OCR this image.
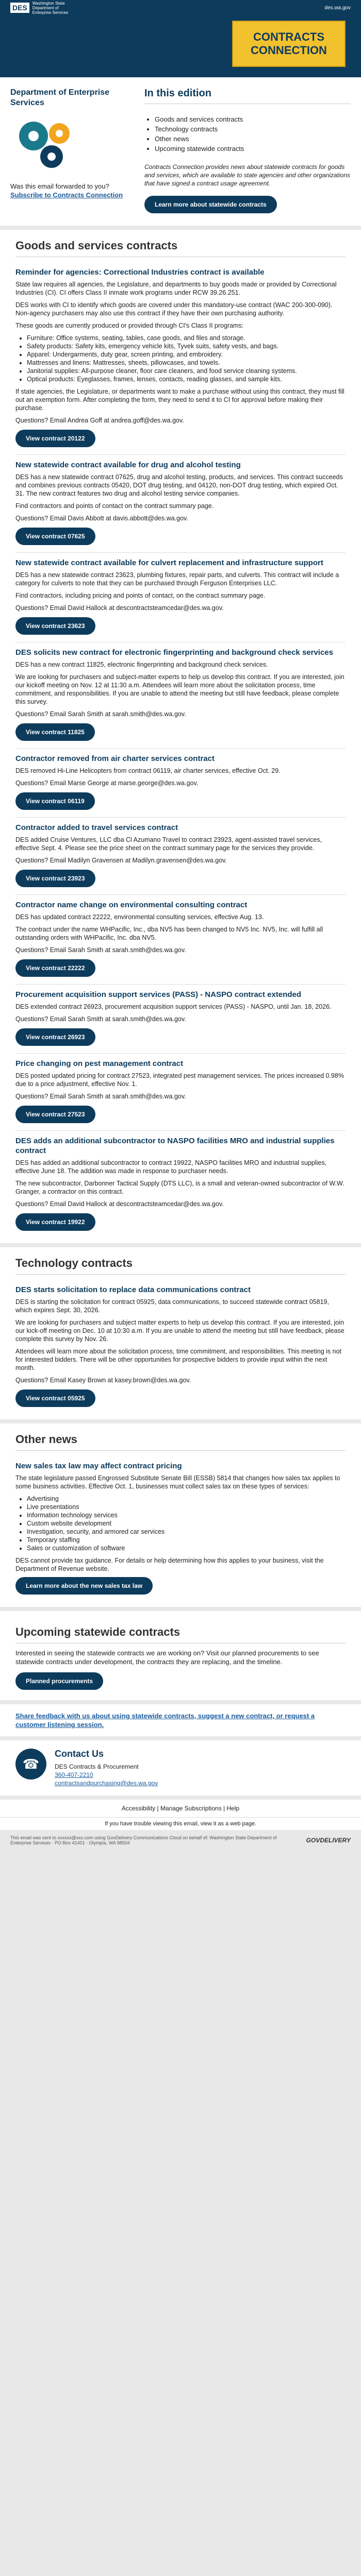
DES
Washington State
Department of
Enterprise Services
des.wa.gov
CONTRACTS
CONNECTION
Department of Enterprise Services

Was this email forwarded to you?

Subscribe to Contracts Connection

In this edition
• Goods and services contracts
• Technology contracts
• Other news
• Upcoming statewide contracts

Contracts Connection provides news about statewide contracts for goods and services, which are available to state agencies and other organizations that have signed a contract usage agreement.

Learn more about statewide contracts
Goods and services contracts
Reminder for agencies: Correctional Industries contract is available

State law requires all agencies, the Legislature, and departments to buy goods made or provided by Correctional Industries (CI). CI offers Class II inmate work programs under RCW 39.26.251.

DES works with CI to identify which goods are covered under this mandatory-use contract (WAC 200-300-090). Non-agency purchasers may also use this contract if they have their own purchasing authority.

These goods are currently produced or provided through CI's Class II programs:

• Furniture: Office systems, seating, tables, case goods, and files and storage.
• Safety products: Safety kits, emergency vehicle kits, Tyvek suits, safety vests, and bags.
• Apparel: Undergarments, duty gear, screen printing, and embroidery.
• Mattresses and linens: Mattresses, sheets, pillowcases, and towels.
• Janitorial supplies: All-purpose cleaner, floor care cleaners, and food service cleaning systems.
• Optical products: Eyeglasses, frames, lenses, contacts, reading glasses, and sample kits.

If state agencies, the Legislature, or departments want to make a purchase without using this contract, they must fill out an exemption form. After completing the form, they need to send it to CI for approval before making their purchase.

Questions? Email Andrea Goff at andrea.goff@des.wa.gov.

View contract 20122
New statewide contract available for drug and alcohol testing

DES has a new statewide contract 07625, drug and alcohol testing, products, and services. This contract succeeds and combines previous contracts 05420, DOT drug testing, and 04120, non-DOT drug testing, which expired Oct. 31. The new contract features two drug and alcohol testing service companies.

Find contractors and points of contact on the contract summary page.

Questions? Email Davis Abbott at davis.abbott@des.wa.gov.

View contract 07625
New statewide contract available for culvert replacement and infrastructure support

DES has a new statewide contract 23623, plumbing fixtures, repair parts, and culverts. This contract will include a category for culverts to note that they can be purchased through Ferguson Enterprises LLC.

Find contractors, including pricing and points of contact, on the contract summary page.

Questions? Email David Hallock at descontractsteamcedar@des.wa.gov.

View contract 23623
DES solicits new contract for electronic fingerprinting and background check services

DES has a new contract 11825, electronic fingerprinting and background check services.

We are looking for purchasers and subject-matter experts to help us develop this contract. If you are interested, join our kickoff meeting on Nov. 12 at 11:30 a.m. Attendees will learn more about the solicitation process, time commitment, and responsibilities. If you are unable to attend the meeting but still have feedback, please complete this survey.

Questions? Email Sarah Smith at sarah.smith@des.wa.gov.

View contract 11825
Contractor removed from air charter services contract

DES removed Hi-Line Helicopters from contract 06119, air charter services, effective Oct. 29.

Questions? Email Marse George at marse.george@des.wa.gov.

View contract 06119
Contractor added to travel services contract

DES added Cruise Ventures, LLC dba Cl Azumano Travel to contract 23923, agent-assisted travel services, effective Sept. 4. Please see the price sheet on the contract summary page for the services they provide.

Questions? Email Madilyn Gravensen at Madilyn.gravensen@des.wa.gov.

View contract 23923
Contractor name change on environmental consulting contract

DES has updated contract 22222, environmental consulting services, effective Aug. 13.

The contract under the name WHPacific, Inc., dba NV5 has been changed to NV5 Inc. NV5, Inc. will fulfill all outstanding orders with WHPacific, Inc. dba NV5.

Questions? Email Sarah Smith at sarah.smith@des.wa.gov.

View contract 22222
Procurement acquisition support services (PASS) - NASPO contract extended

DES extended contract 26923, procurement acquisition support services (PASS) - NASPO, until Jan. 18, 2026.

Questions? Email Sarah Smith at sarah.smith@des.wa.gov.

View contract 26923
Price changing on pest management contract

DES posted updated pricing for contract 27523, integrated pest management services. The prices increased 0.98% due to a price adjustment, effective Nov. 1.

Questions? Email Sarah Smith at sarah.smith@des.wa.gov.

View contract 27523
DES adds an additional subcontractor to NASPO facilities MRO and industrial supplies contract

DES has added an additional subcontractor to contract 19922, NASPO facilities MRO and industrial supplies, effective June 18. The addition was made in response to purchaser needs.

The new subcontractor, Darbonner Tactical Supply (DTS LLC), is a small and veteran-owned subcontractor of W.W. Granger, a contractor on this contract.

Questions? Email David Hallock at descontractsteamcedar@des.wa.gov.

View contract 19922
Technology contracts
DES starts solicitation to replace data communications contract

DES is starting the solicitation for contract 05925, data communications, to succeed statewide contract 05819, which expires Sept. 30, 2026.

We are looking for purchasers and subject matter experts to help us develop this contract. If you are interested, join our kick-off meeting on Dec. 10 at 10:30 a.m. If you are unable to attend the meeting but still have feedback, please complete this survey by Nov. 26.

Attendees will learn more about the solicitation process, time commitment, and responsibilities. This meeting is not for interested bidders. There will be other opportunities for prospective bidders to provide input within the next month.

Questions? Email Kasey Brown at kasey.brown@des.wa.gov.

View contract 05925
Other news
New sales tax law may affect contract pricing

The state legislature passed Engrossed Substitute Senate Bill (ESSB) 5814 that changes how sales tax applies to some business activities. Effective Oct. 1, businesses must collect sales tax on these types of services:

• Advertising
• Live presentations
• Information technology services
• Custom website development
• Investigation, security, and armored car services
• Temporary staffing
• Sales or customization of software

DES cannot provide tax guidance. For details or help determining how this applies to your business, visit the Department of Revenue website.

Learn more about the new sales tax law
Upcoming statewide contracts

Interested in seeing the statewide contracts we are working on? Visit our planned procurements to see statewide contracts under development, the contracts they are replacing, and the timeline.

Planned procurements
Share feedback with us about using statewide contracts, suggest a new contract, or request a customer listening session.
☎
Contact Us

DES Contracts & Procurement

360-407-2210

contractsandpurchasing@des.wa.gov

Accessibility | Manage Subscriptions | Help
If you have trouble viewing this email, view it as a web page.
This email was sent to xxxxxx@xxx.com using GovDelivery Communications Cloud on behalf of: Washington State Department of Enterprise Services · PO Box 41401 · Olympia, WA 98504	GOVDELIVERY
